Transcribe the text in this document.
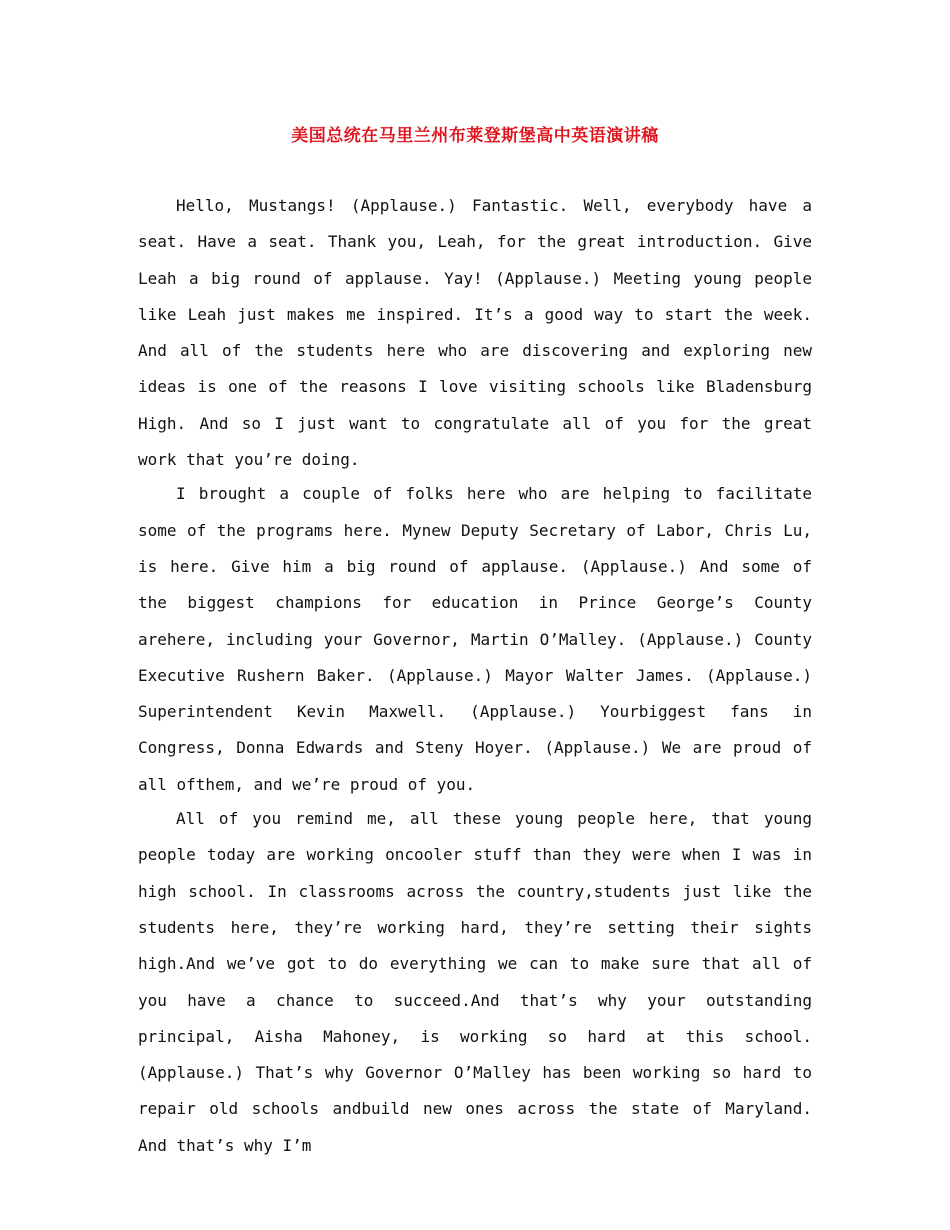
美国总统在马里兰州布莱登斯堡高中英语演讲稿

Hello, Mustangs! (Applause.) Fantastic. Well, everybody have a seat. Have a seat. Thank you, Leah, for the great introduction. Give Leah a big round of applause. Yay! (Applause.) Meeting young people like Leah just makes me inspired. It’s a good way to start the week. And all of the students here who are discovering and exploring new ideas is one of the reasons I love visiting schools like Bladensburg High. And so I just want to congratulate all of you for the great work that you’re doing.

I brought a couple of folks here who are helping to facilitate some of the programs here. Mynew Deputy Secretary of Labor, Chris Lu, is here. Give him a big round of applause. (Applause.) And some of the biggest champions for education in Prince George’s County arehere, including your Governor, Martin O’Malley. (Applause.) County Executive Rushern Baker. (Applause.) Mayor Walter James. (Applause.) Superintendent Kevin Maxwell. (Applause.) Yourbiggest fans in Congress, Donna Edwards and Steny Hoyer. (Applause.) We are proud of all ofthem, and we’re proud of you.

All of you remind me, all these young people here, that young people today are working oncooler stuff than they were when I was in high school. In classrooms across the country,students just like the students here, they’re working hard, they’re setting their sights high.And we’ve got to do everything we can to make sure that all of you have a chance to succeed.And that’s why your outstanding principal, Aisha Mahoney, is working so hard at this school. (Applause.) That’s why Governor O’Malley has been working so hard to repair old schools andbuild new ones across the state of Maryland. And that’s why I’m
